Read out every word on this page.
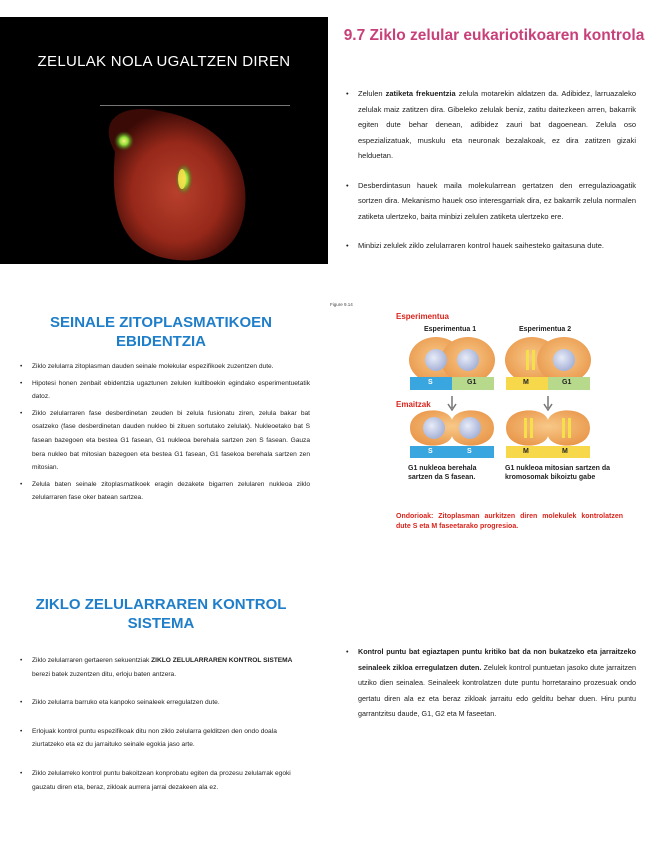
ZELULAK NOLA UGALTZEN DIREN
9.7 Ziklo zelular eukariotikoaren kontrola
• Zelulen zatiketa frekuentzia zelula motarekin aldatzen da. Adibidez, larruazaleko zelulak maiz zatitzen dira. Gibeleko zelulak beniz, zatitu daitezkeen arren, bakarrik egiten dute behar denean, adibidez zauri bat dagoenean. Zelula oso espezializatuak, muskulu eta neuronak bezalakoak, ez dira zatitzen gizaki helduetan.
• Desberdintasun hauek maila molekularrean gertatzen den erregulazioagatik sortzen dira. Mekanismo hauek oso interesgarriak dira, ez bakarrik zelula normalen zatiketa ulertzeko, baita minbizi zelulen zatiketa ulertzeko ere.
• Minbizi zelulek ziklo zelularraren kontrol hauek saihesteko gaitasuna dute.
SEINALE ZITOPLASMATIKOEN EBIDENTZIA
• Ziklo zelularra zitoplasman dauden seinale molekular espezifikoek zuzentzen dute.
• Hipotesi honen zenbait ebidentzia ugaztunen zelulen kultiboekin egindako esperimentuetatik datoz.
• Ziklo zelularraren fase desberdinetan zeuden bi zelula fusionatu ziren, zelula bakar bat osatzeko (fase desberdinetan dauden nukleo bi zituen sortutako zelulak). Nukleoetako bat S fasean bazegoen eta bestea G1 fasean, G1 nukleoa berehala sartzen zen S fasean. Gauza bera nukleo bat mitosian bazegoen eta bestea G1 fasean, G1 fasekoa berehala sartzen zen mitosian.
• Zelula baten seinale zitoplasmatikoek eragin dezakete bigarren zelularen nukleoa ziklo zelularraren fase oker batean sartzea.
Figure 9.14
Esperimentua
Esperimentua 1	Esperimentua 2
S	G1	M	G1
Emaitzak
S	S	M	M
G1 nukleoa berehala sartzen da S fasean.
G1 nukleoa mitosian sartzen da kromosomak bikoiztu gabe
Ondorioak: Zitoplasman aurkitzen diren molekulek kontrolatzen dute S eta M faseetarako progresioa.
ZIKLO ZELULARRAREN KONTROL SISTEMA
• Ziklo zelularraren gertaeren sekuentziak ZIKLO ZELULARRAREN KONTROL SISTEMA berezi batek zuzentzen ditu, erloju baten antzera.
• Ziklo zelularra barruko eta kanpoko seinaleek erregulatzen dute.
• Erlojuak kontrol puntu espezifikoak ditu non ziklo zelularra gelditzen den ondo doala ziurtatzeko eta ez du jarraituko seinale egokia jaso arte.
• Ziklo zelularreko kontrol puntu bakoitzean konprobatu egiten da prozesu zelularrak egoki gauzatu diren eta, beraz, zikloak aurrera jarrai dezakeen ala ez.
• Kontrol puntu bat egiaztapen puntu kritiko bat da non bukatzeko eta jarraitzeko seinaleek zikloa erregulatzen duten. Zelulek kontrol puntuetan jasoko dute jarraitzen utziko dien seinalea. Seinaleek kontrolatzen dute puntu horretaraino prozesuak ondo gertatu diren ala ez eta beraz zikloak jarraitu edo gelditu behar duen. Hiru puntu garrantzitsu daude, G1, G2 eta M faseetan.
